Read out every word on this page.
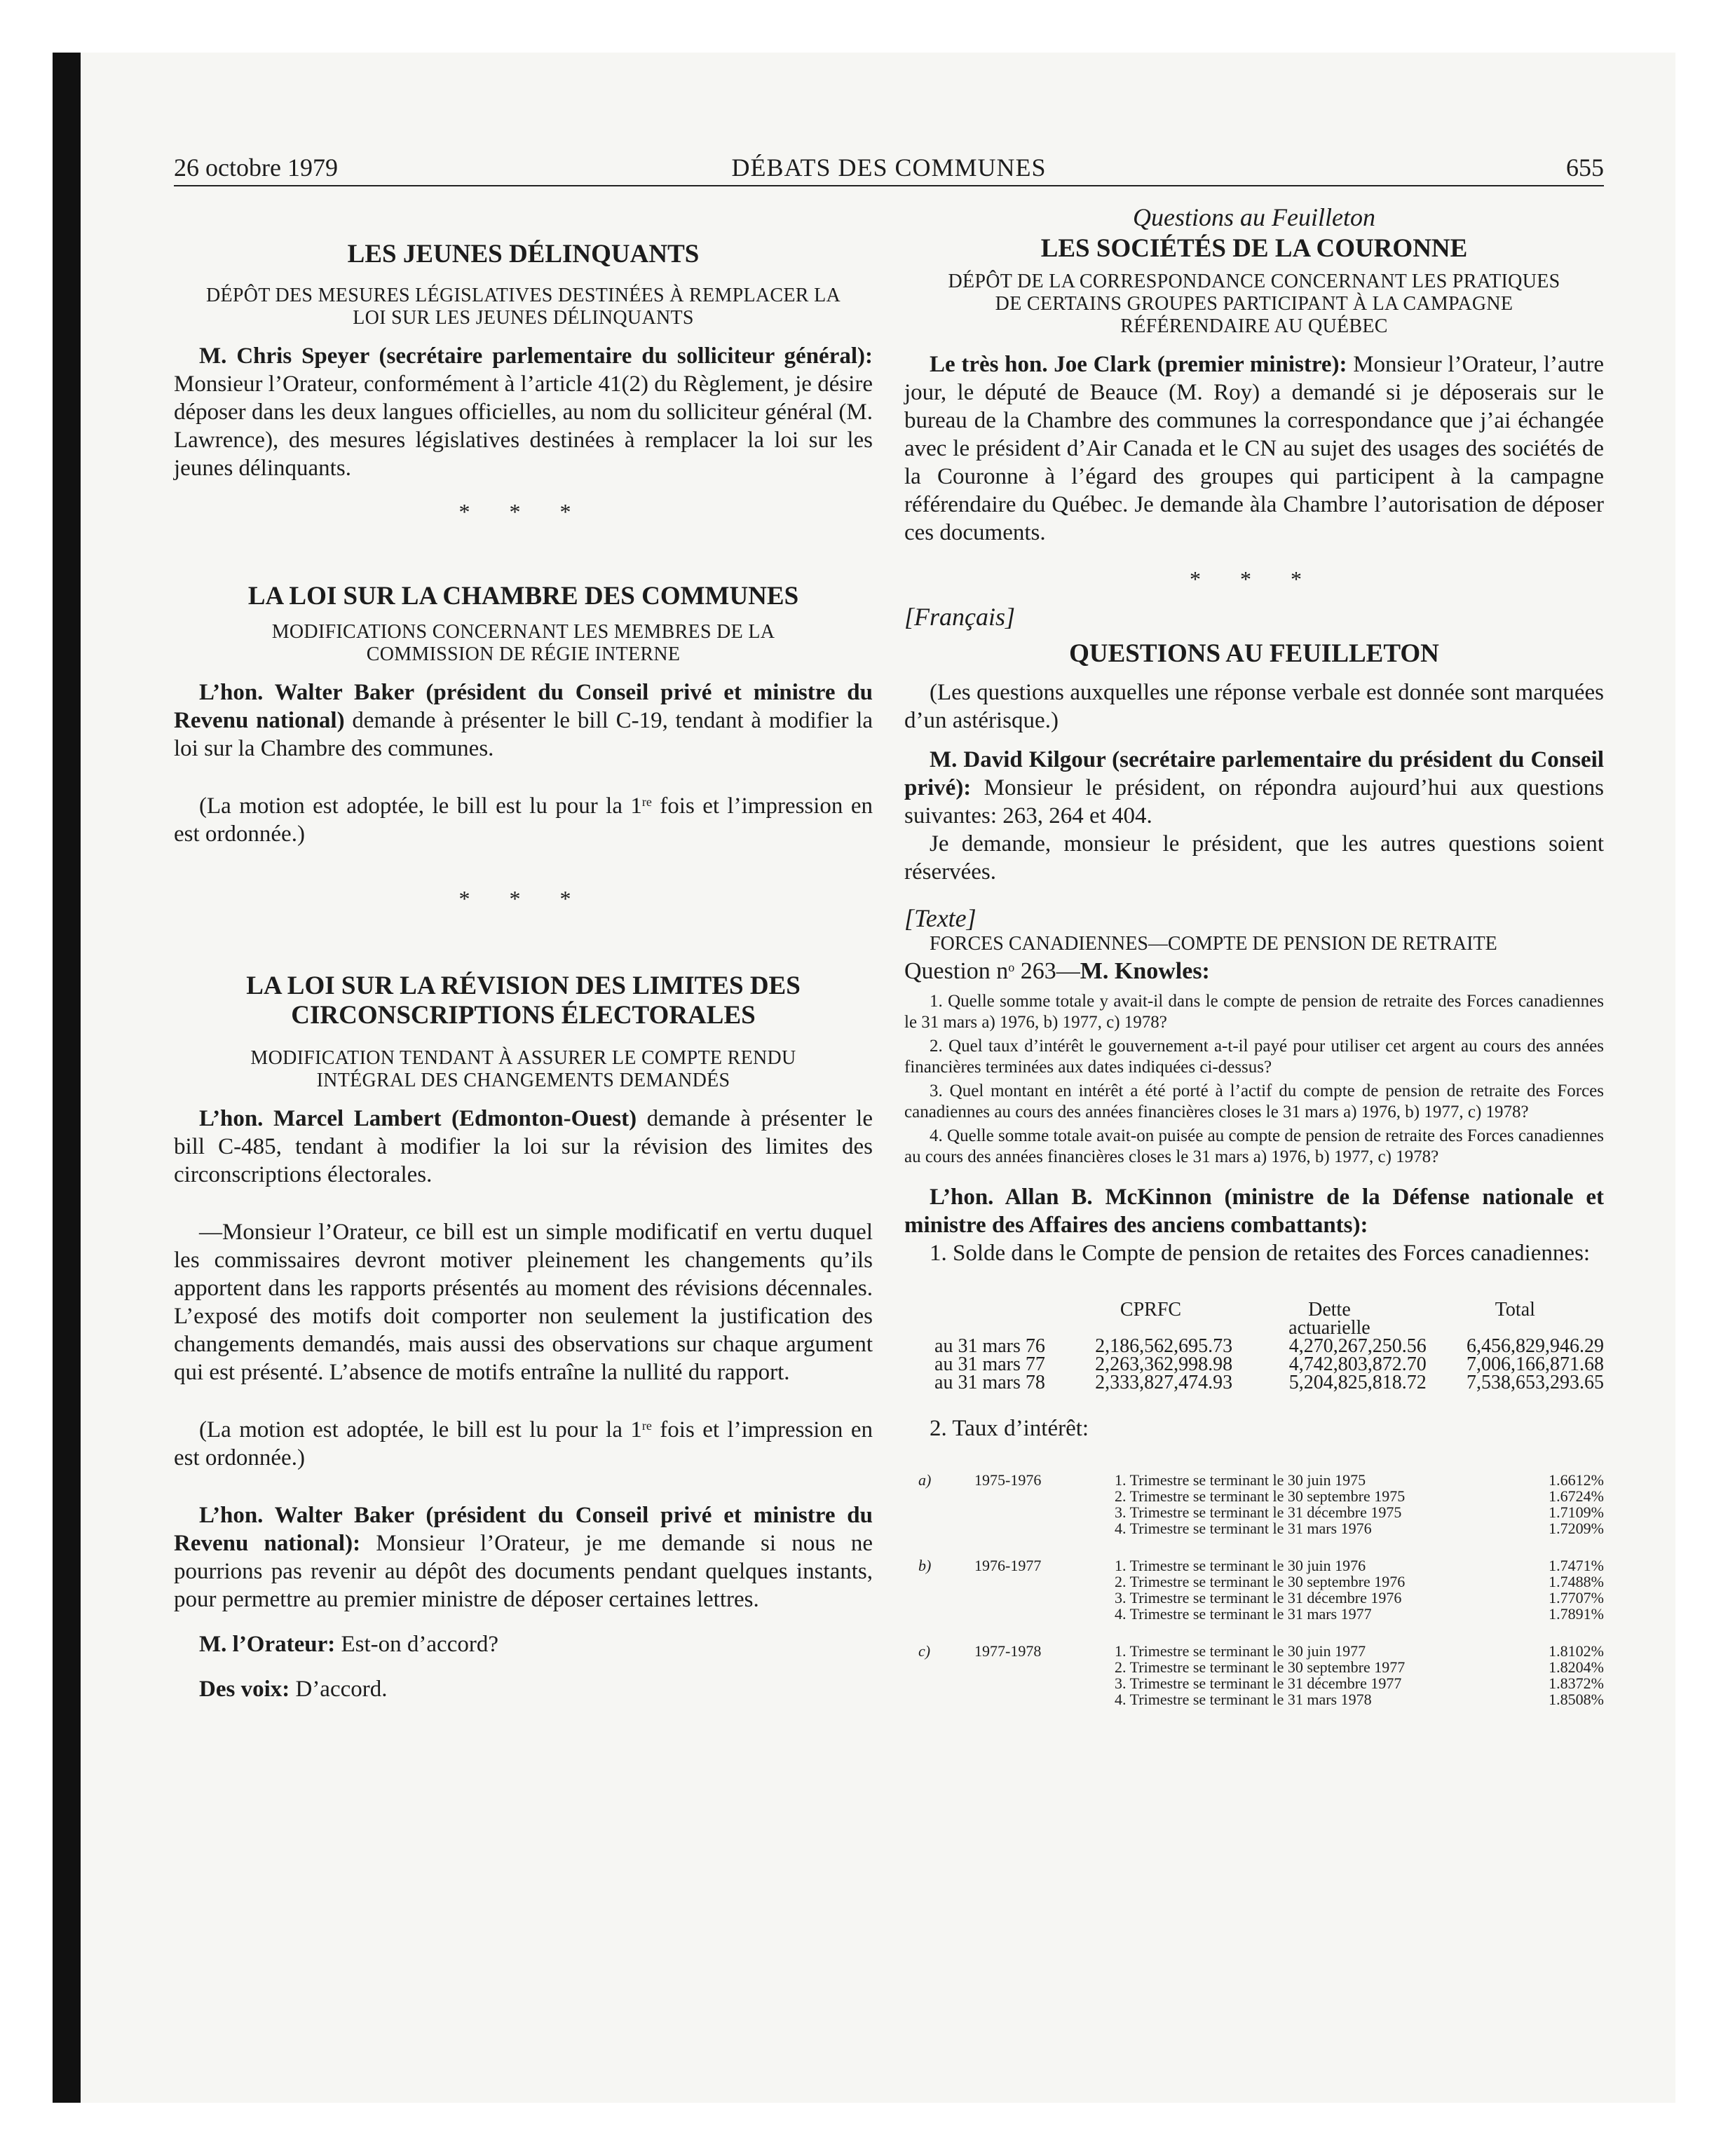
26 octobre 1979	DÉBATS DES COMMUNES	655
LES JEUNES DÉLINQUANTS
DÉPÔT DES MESURES LÉGISLATIVES DESTINÉES À REMPLACER LA LOI SUR LES JEUNES DÉLINQUANTS

M. Chris Speyer (secrétaire parlementaire du solliciteur général): Monsieur l’Orateur, conformément à l’article 41(2) du Règlement, je désire déposer dans les deux langues officielles, au nom du solliciteur général (M. Lawrence), des mesures législatives destinées à remplacer la loi sur les jeunes délinquants.

* * *
LA LOI SUR LA CHAMBRE DES COMMUNES
MODIFICATIONS CONCERNANT LES MEMBRES DE LA COMMISSION DE RÉGIE INTERNE

L’hon. Walter Baker (président du Conseil privé et ministre du Revenu national) demande à présenter le bill C-19, tendant à modifier la loi sur la Chambre des communes.

(La motion est adoptée, le bill est lu pour la 1re fois et l’impression en est ordonnée.)

* * *
LA LOI SUR LA RÉVISION DES LIMITES DES CIRCONSCRIPTIONS ÉLECTORALES
MODIFICATION TENDANT À ASSURER LE COMPTE RENDU INTÉGRAL DES CHANGEMENTS DEMANDÉS

L’hon. Marcel Lambert (Edmonton-Ouest) demande à présenter le bill C-485, tendant à modifier la loi sur la révision des limites des circonscriptions électorales.

—Monsieur l’Orateur, ce bill est un simple modificatif en vertu duquel les commissaires devront motiver pleinement les changements qu’ils apportent dans les rapports présentés au moment des révisions décennales. L’exposé des motifs doit comporter non seulement la justification des changements demandés, mais aussi des observations sur chaque argument qui est présenté. L’absence de motifs entraîne la nullité du rapport.

(La motion est adoptée, le bill est lu pour la 1re fois et l’impression en est ordonnée.)

L’hon. Walter Baker (président du Conseil privé et ministre du Revenu national): Monsieur l’Orateur, je me demande si nous ne pourrions pas revenir au dépôt des documents pendant quelques instants, pour permettre au premier ministre de déposer certaines lettres.

M. l’Orateur: Est-on d’accord?

Des voix: D’accord.

Questions au Feuilleton
LES SOCIÉTÉS DE LA COURONNE
DÉPÔT DE LA CORRESPONDANCE CONCERNANT LES PRATIQUES DE CERTAINS GROUPES PARTICIPANT À LA CAMPAGNE RÉFÉRENDAIRE AU QUÉBEC

Le très hon. Joe Clark (premier ministre): Monsieur l’Orateur, l’autre jour, le député de Beauce (M. Roy) a demandé si je déposerais sur le bureau de la Chambre des communes la correspondance que j’ai échangée avec le président d’Air Canada et le CN au sujet des usages des sociétés de la Couronne à l’égard des groupes qui participent à la campagne référendaire du Québec. Je demande àla Chambre l’autorisation de déposer ces documents.

* * *
[Français]
QUESTIONS AU FEUILLETON

(Les questions auxquelles une réponse verbale est donnée sont marquées d’un astérisque.)

M. David Kilgour (secrétaire parlementaire du président du Conseil privé): Monsieur le président, on répondra aujourd’hui aux questions suivantes: 263, 264 et 404.

Je demande, monsieur le président, que les autres questions soient réservées.

[Texte]
FORCES CANADIENNES—COMPTE DE PENSION DE RETRAITE
Question $n^o$ 263—M. Knowles:

1. Quelle somme totale y avait-il dans le compte de pension de retraite des Forces canadiennes le 31 mars a) 1976, b) 1977, c) 1978?

2. Quel taux d’intérêt le gouvernement a-t-il payé pour utiliser cet argent au cours des années financières terminées aux dates indiquées ci-dessus?

3. Quel montant en intérêt a été porté à l’actif du compte de pension de retraite des Forces canadiennes au cours des années financières closes le 31 mars a) 1976, b) 1977, c) 1978?

4. Quelle somme totale avait-on puisée au compte de pension de retraite des Forces canadiennes au cours des années financières closes le 31 mars a) 1976, b) 1977, c) 1978?

L’hon. Allan B. McKinnon (ministre de la Défense nationale et ministre des Affaires des anciens combattants):

1. Solde dans le Compte de pension de retaites des Forces canadiennes:

	CPRFC	Dette actuarielle	Total
au 31 mars 76	2,186,562,695.73	4,270,267,250.56	6,456,829,946.29
au 31 mars 77	2,263,362,998.98	4,742,803,872.70	7,006,166,871.68
au 31 mars 78	2,333,827,474.93	5,204,825,818.72	7,538,653,293.65

2. Taux d’intérêt:

a)	1975-1976	1. Trimestre se terminant le 30 juin 1975	1.6612%
		2. Trimestre se terminant le 30 septembre 1975	1.6724%
		3. Trimestre se terminant le 31 décembre 1975	1.7109%
		4. Trimestre se terminant le 31 mars 1976	1.7209%

b)	1976-1977	1. Trimestre se terminant le 30 juin 1976	1.7471%
		2. Trimestre se terminant le 30 septembre 1976	1.7488%
		3. Trimestre se terminant le 31 décembre 1976	1.7707%
		4. Trimestre se terminant le 31 mars 1977	1.7891%

c)	1977-1978	1. Trimestre se terminant le 30 juin 1977	1.8102%
		2. Trimestre se terminant le 30 septembre 1977	1.8204%
		3. Trimestre se terminant le 31 décembre 1977	1.8372%
		4. Trimestre se terminant le 31 mars 1978	1.8508%
